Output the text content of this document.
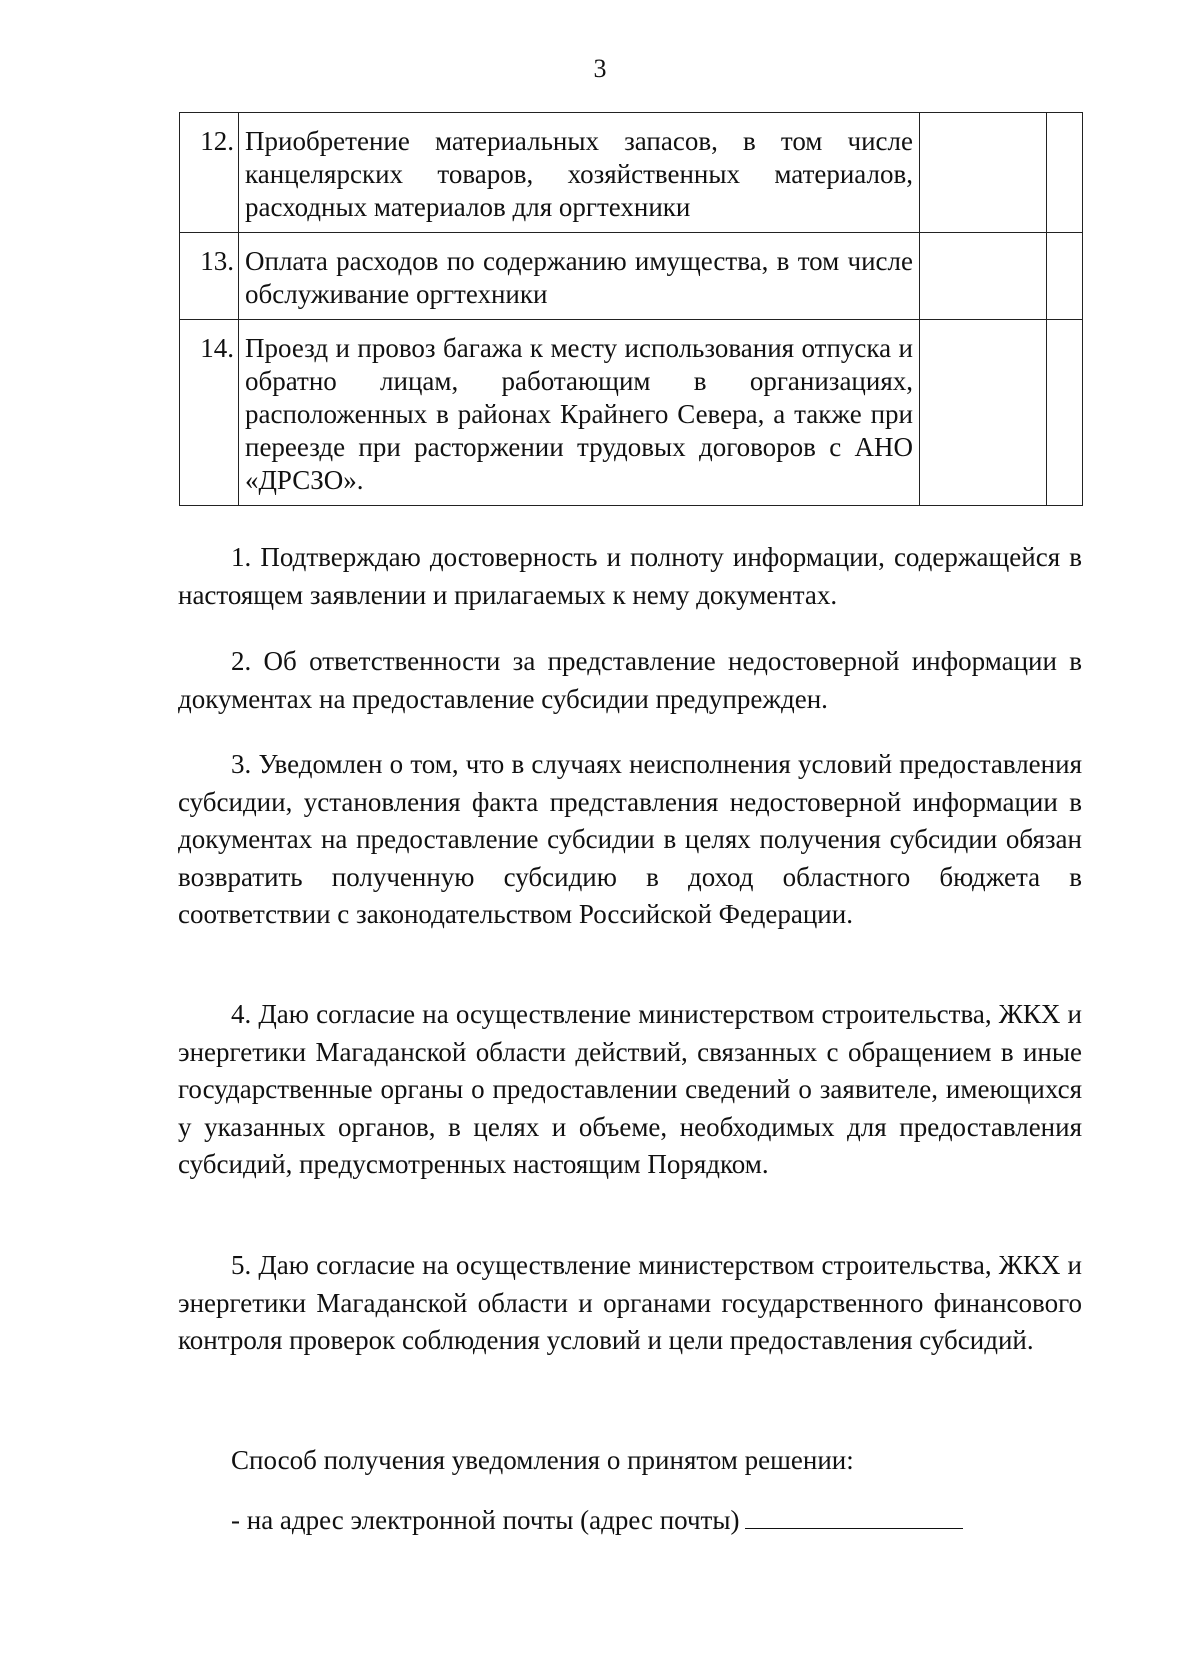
3
12.	Приобретение материальных запасов, в том числе канцелярских товаров, хозяйственных материалов, расходных материалов для оргтехники		
13.	Оплата расходов по содержанию имущества, в том числе обслуживание оргтехники		
14.	Проезд и провоз багажа к месту использования отпуска и обратно лицам, работающим в организациях, расположенных в районах Крайнего Севера, а также при переезде при расторжении трудовых договоров с АНО «ДРСЗО».		

1. Подтверждаю достоверность и полноту информации, содержащейся в настоящем заявлении и прилагаемых к нему документах.

2. Об ответственности за представление недостоверной информации в документах на предоставление субсидии предупрежден.

3. Уведомлен о том, что в случаях неисполнения условий предоставления субсидии, установления факта представления недостоверной информации в документах на предоставление субсидии в целях получения субсидии обязан возвратить полученную субсидию в доход областного бюджета в соответствии с законодательством Российской Федерации.

4. Даю согласие на осуществление министерством строительства, ЖКХ и энергетики Магаданской области действий, связанных с обращением в иные государственные органы о предоставлении сведений о заявителе, имеющихся у указанных органов, в целях и объеме, необходимых для предоставления субсидий, предусмотренных настоящим Порядком.

5. Даю согласие на осуществление министерством строительства, ЖКХ и энергетики Магаданской области и органами государственного финансового контроля проверок соблюдения условий и цели предоставления субсидий.

Способ получения уведомления о принятом решении:

- на адрес электронной почты (адрес почты)
